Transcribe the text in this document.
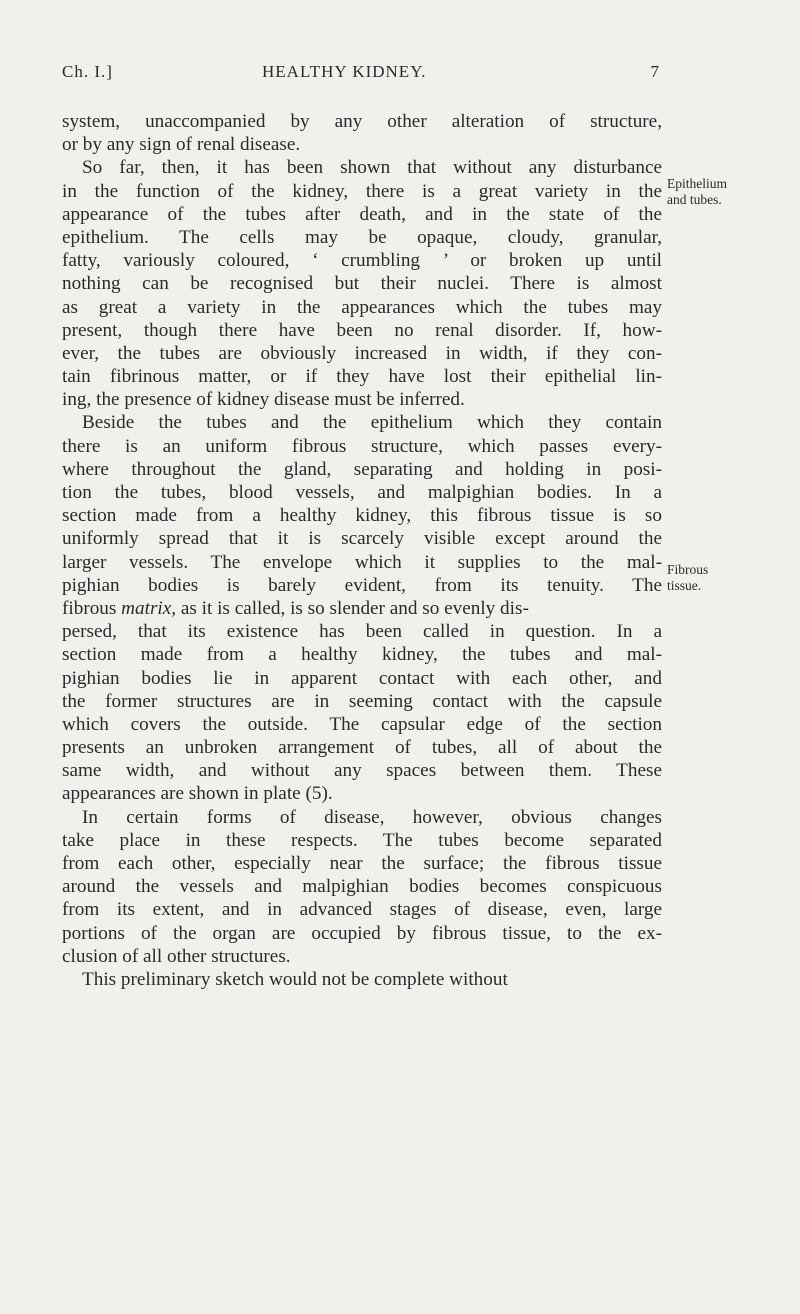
Ch. I.]	HEALTHY KIDNEY.	7
Epithelium
and tubes.
Fibrous
tissue.
system, unaccompanied by any other alteration of structure,
or by any sign of renal disease.
So far, then, it has been shown that without any disturbance
in the function of the kidney, there is a great variety in the
appearance of the tubes after death, and in the state of the
epithelium. The cells may be opaque, cloudy, granular,
fatty, variously coloured, ‘ crumbling ’ or broken up until
nothing can be recognised but their nuclei. There is almost
as great a variety in the appearances which the tubes may
present, though there have been no renal disorder. If, how-
ever, the tubes are obviously increased in width, if they con-
tain fibrinous matter, or if they have lost their epithelial lin-
ing, the presence of kidney disease must be inferred.
Beside the tubes and the epithelium which they contain
there is an uniform fibrous structure, which passes every-
where throughout the gland, separating and holding in posi-
tion the tubes, blood vessels, and malpighian bodies. In a
section made from a healthy kidney, this fibrous tissue is so
uniformly spread that it is scarcely visible except around the
larger vessels. The envelope which it supplies to the mal-
pighian bodies is barely evident, from its tenuity. The
fibrous matrix, as it is called, is so slender and so evenly dis-
persed, that its existence has been called in question. In a
section made from a healthy kidney, the tubes and mal-
pighian bodies lie in apparent contact with each other, and
the former structures are in seeming contact with the capsule
which covers the outside. The capsular edge of the section
presents an unbroken arrangement of tubes, all of about the
same width, and without any spaces between them. These
appearances are shown in plate (5).
In certain forms of disease, however, obvious changes
take place in these respects. The tubes become separated
from each other, especially near the surface; the fibrous tissue
around the vessels and malpighian bodies becomes conspicuous
from its extent, and in advanced stages of disease, even, large
portions of the organ are occupied by fibrous tissue, to the ex-
clusion of all other structures.
This preliminary sketch would not be complete without
